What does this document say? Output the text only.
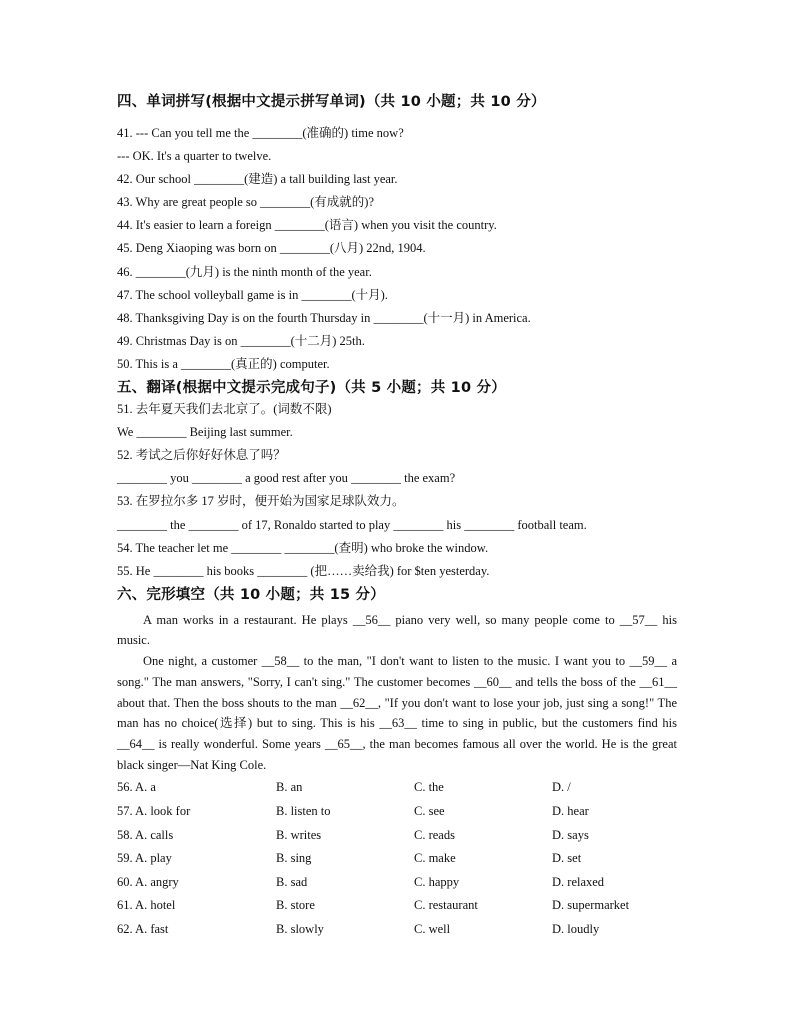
四、单词拼写(根据中文提示拼写单词)（共 10 小题；共 10 分）

41. --- Can you tell me the ________(准确的) time now?

--- OK. It's a quarter to twelve.

42. Our school ________(建造) a tall building last year.

43. Why are great people so ________(有成就的)?

44. It's easier to learn a foreign ________(语言) when you visit the country.

45. Deng Xiaoping was born on ________(八月) 22nd, 1904.

46. ________(九月) is the ninth month of the year.

47. The school volleyball game is in ________(十月).

48. Thanksgiving Day is on the fourth Thursday in ________(十一月) in America.

49. Christmas Day is on ________(十二月) 25th.

50. This is a ________(真正的) computer.

五、翻译(根据中文提示完成句子)（共 5 小题；共 10 分）

51. 去年夏天我们去北京了。(词数不限)

We ________ Beijing last summer.

52. 考试之后你好好休息了吗？

________ you ________ a good rest after you ________ the exam?

53. 在罗拉尔多 17 岁时，便开始为国家足球队效力。

________ the ________ of 17, Ronaldo started to play ________ his ________ football team.

54. The teacher let me ________ ________(查明) who broke the window.

55. He ________ his books ________ (把……卖给我) for $ten yesterday.

六、完形填空（共 10 小题；共 15 分）

A man works in a restaurant. He plays __56__ piano very well, so many people come to __57__ his music.

One night, a customer __58__ to the man, "I don't want to listen to the music. I want you to __59__ a song." The man answers, "Sorry, I can't sing." The customer becomes __60__ and tells the boss of the __61__ about that. Then the boss shouts to the man __62__, "If you don't want to lose your job, just sing a song!" The man has no choice(选择) but to sing. This is his __63__ time to sing in public, but the customers find his __64__ is really wonderful. Some years __65__, the man becomes famous all over the world. He is the great black singer—Nat King Cole.

56. A. a	B. an	C. the	D. /
57. A. look for	B. listen to	C. see	D. hear
58. A. calls	B. writes	C. reads	D. says
59. A. play	B. sing	C. make	D. set
60. A. angry	B. sad	C. happy	D. relaxed
61. A. hotel	B. store	C. restaurant	D. supermarket
62. A. fast	B. slowly	C. well	D. loudly
